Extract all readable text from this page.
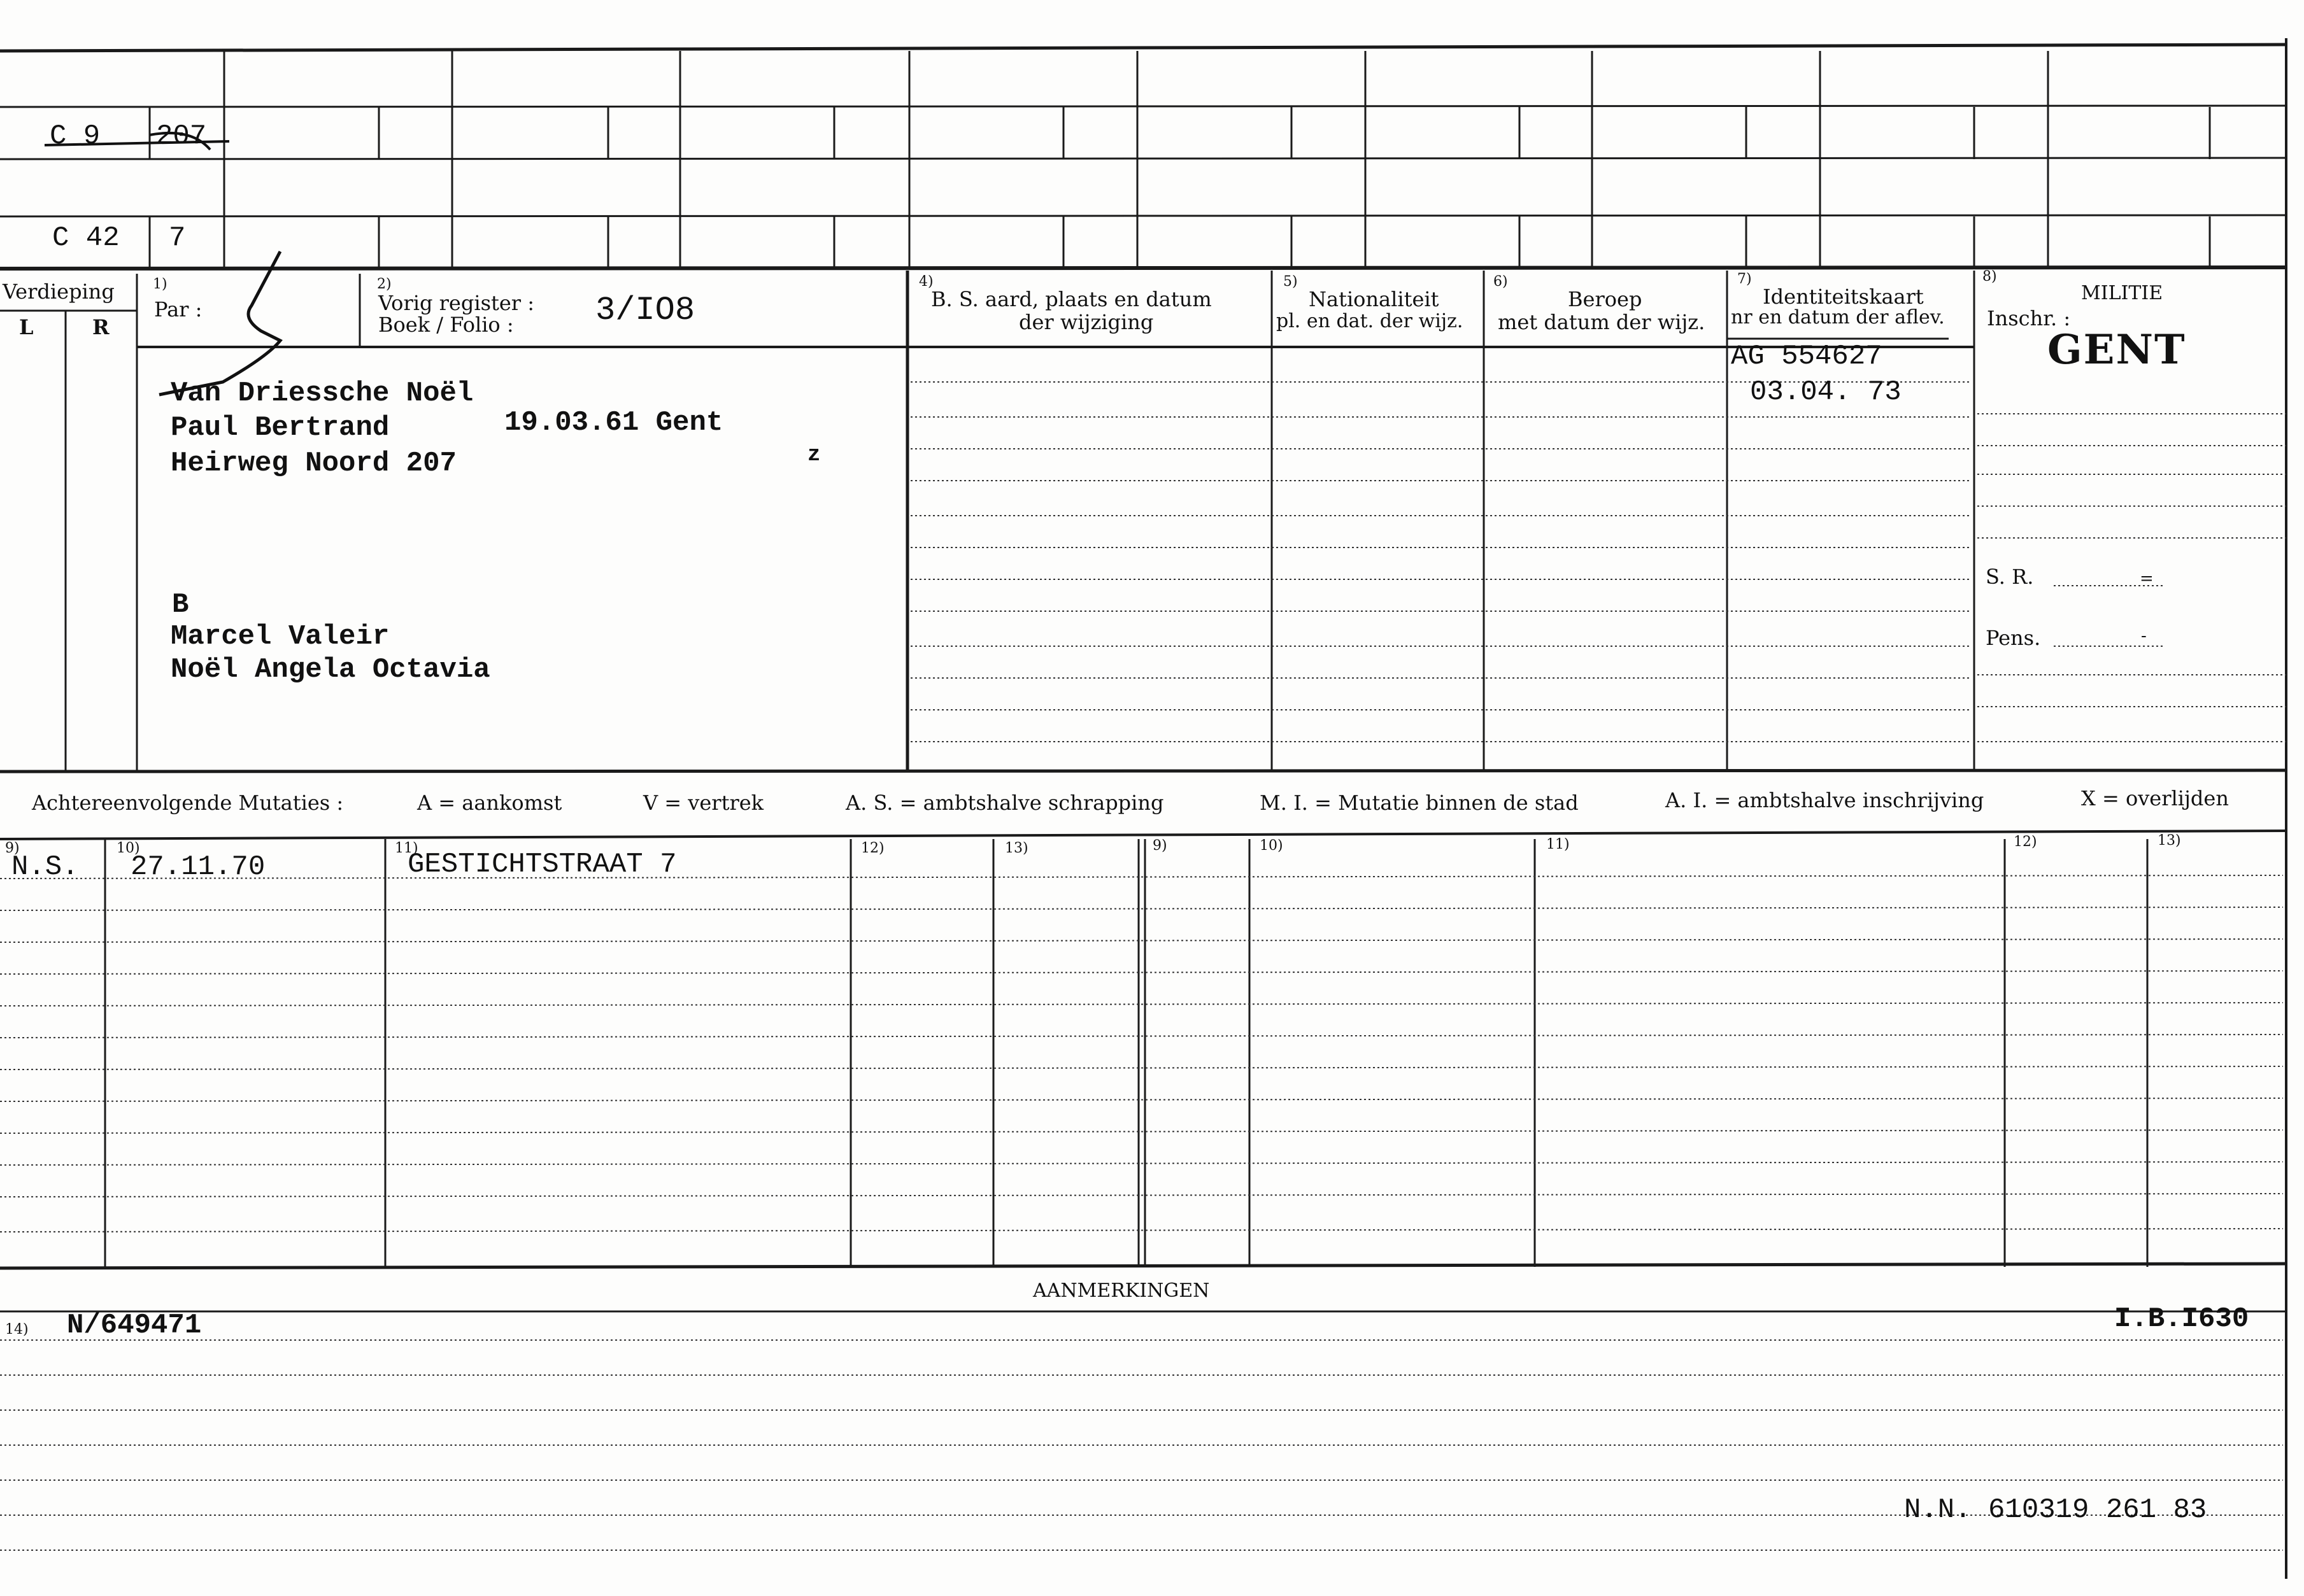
C 9 207
C 42 7
Verdieping
L	R
1)
Par :
2)
Vorig register :
Boek / Folio : 3/IO8
4)
B. S. aard, plaats en datum
der wijziging
5)
Nationaliteit
pl. en dat. der wijz.
6)
Beroep
met datum der wijz.
7)
Identiteitskaart
nr en datum der aflev.
8)
MILITIE
Inschr. :
GENT
Van Driessche Noël
Paul Bertrand	19.03.61 Gent
Heirweg Noord 207	z
B
Marcel Valeir
Noël Angela Octavia
AG 554627
03.04. 73
S. R.	=
Pens.	-
Achtereenvolgende Mutaties :	A = aankomst	V = vertrek	A. S. = ambtshalve schrapping	M. I. = Mutatie binnen de stad	A. I. = ambtshalve inschrijving	X = overlijden
9)	10)	11)	12)	13)	9)	10)	11)	12)	13)
N.S. 27.11.70	GESTICHTSTRAAT 7
AANMERKINGEN
14) N/649471	I.B.I630
N.N. 610319 261 83
